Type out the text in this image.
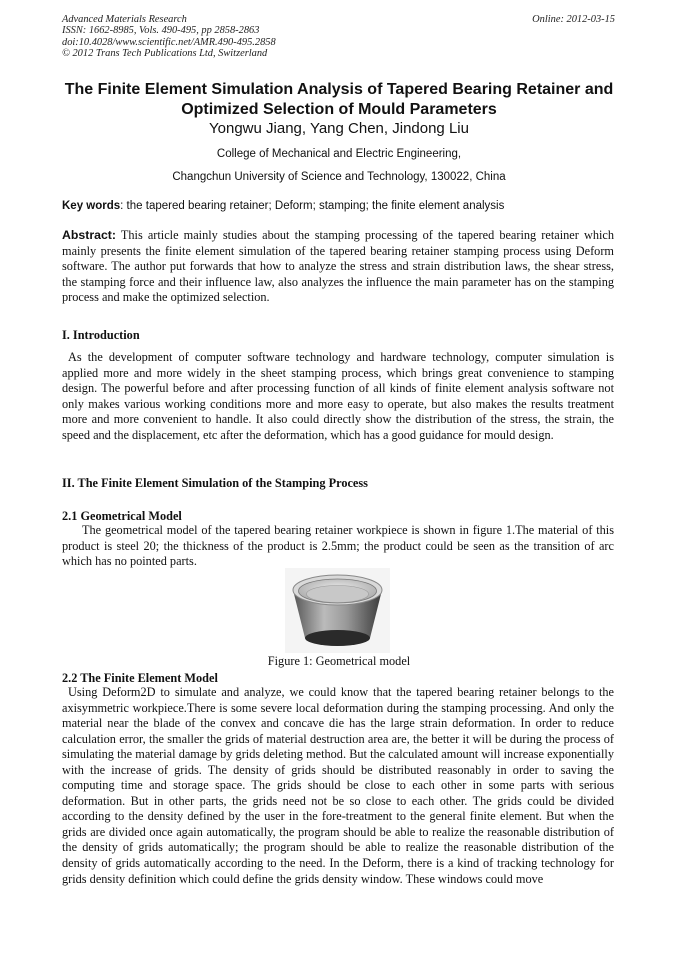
Advanced Materials Research
ISSN: 1662-8985, Vols. 490-495, pp 2858-2863
doi:10.4028/www.scientific.net/AMR.490-495.2858
© 2012 Trans Tech Publications Ltd, Switzerland
Online: 2012-03-15
The Finite Element Simulation Analysis of Tapered Bearing Retainer and
Optimized Selection of Mould Parameters
Yongwu Jiang, Yang Chen, Jindong Liu
College of Mechanical and Electric Engineering,
Changchun University of Science and Technology, 130022, China
Key words: the tapered bearing retainer; Deform; stamping; the finite element analysis
Abstract: This article mainly studies about the stamping processing of the tapered bearing retainer which mainly presents the finite element simulation of the tapered bearing retainer stamping process using Deform software. The author put forwards that how to analyze the stress and strain distribution laws, the shear stress, the stamping force and their influence law, also analyzes the influence the main parameter has on the stamping process and make the optimized selection.
I. Introduction
As the development of computer software technology and hardware technology, computer simulation is applied more and more widely in the sheet stamping process, which brings great convenience to stamping design. The powerful before and after processing function of all kinds of finite element analysis software not only makes various working conditions more and more easy to operate, but also makes the results treatment more and more convenient to handle. It also could directly show the distribution of the stress, the strain, the speed and the displacement, etc after the deformation, which has a good guidance for mould design.
II. The Finite Element Simulation of the Stamping Process
2.1 Geometrical Model
The geometrical model of the tapered bearing retainer workpiece is shown in figure 1.The material of this product is steel 20; the thickness of the product is 2.5mm; the product could be seen as the transition of arc which has no pointed parts.
Figure 1: Geometrical model
2.2 The Finite Element Model
Using Deform2D to simulate and analyze, we could know that the tapered bearing retainer belongs to the axisymmetric workpiece.There is some severe local deformation during the stamping processing. And only the material near the blade of the convex and concave die has the large strain deformation. In order to reduce calculation error, the smaller the grids of material destruction area are, the better it will be during the process of simulating the material damage by grids deleting method. But the calculated amount will increase exponentially with the increase of grids. The density of grids should be distributed reasonably in order to saving the computing time and storage space. The grids should be close to each other in some parts with serious deformation. But in other parts, the grids need not be so close to each other. The grids could be divided according to the density defined by the user in the fore-treatment to the general finite element. But when the grids are divided once again automatically, the program should be able to realize the reasonable distribution of the density of grids automatically; the program should be able to realize the reasonable distribution of the density of grids automatically according to the need. In the Deform, there is a kind of tracking technology for grids density definition which could define the grids density window. These windows could move
